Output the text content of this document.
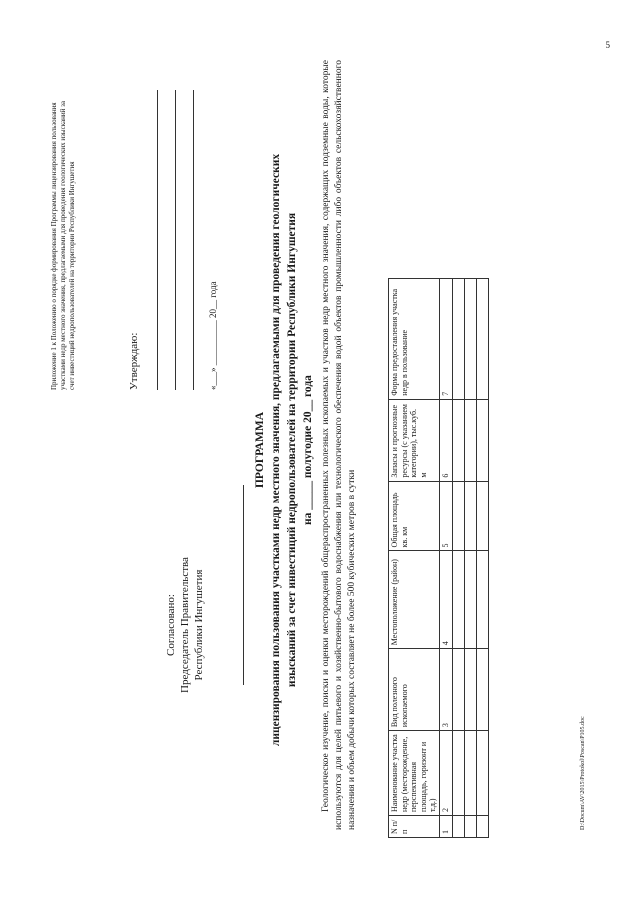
5
Приложение 1 к Положению о порядке формирования Программы лицензирования пользования участками недр местного значения, предлагаемыми для проведения геологических изысканий за счет инвестиций недропользователей на территории Республики Ингушетия	Утверждаю:	«___» __________ 20__ года
Согласовано: Председатель Правительства Республики Ингушетия
ПРОГРАММА лицензирования пользования участками недр местного значения, предлагаемыми для проведения геологических изысканий за счет инвестиций недропользователей на территории Республики Ингушетия на _____ полугодие 20__ года Геологическое изучение, поиски и оценки месторождений общераспространенных полезных ископаемых и участков недр местного значения, содержащих подземные воды, которые используются для целей питьевого и хозяйственно-бытового водоснабжения или технологического обеспечения водой объектов промышленности либо объектов сельскохозяйственного назначения и объем добычи которых составляет не более 500 кубических метров в сутки	N п/п	Наименование участка недр (месторождение, перспективная площадь, горизонт и т.д.)	Вид полезного ископаемого	Местоположение (район)	Общая площадь кв. км	Запасы и прогнозные ресурсы (с указанием категории), тыс.куб. м	Форма предоставления участка недр в пользование
1	2	3	4	5	6	7

D:\Docum\AV\2015\Protokol\Poscan\P105.doc
